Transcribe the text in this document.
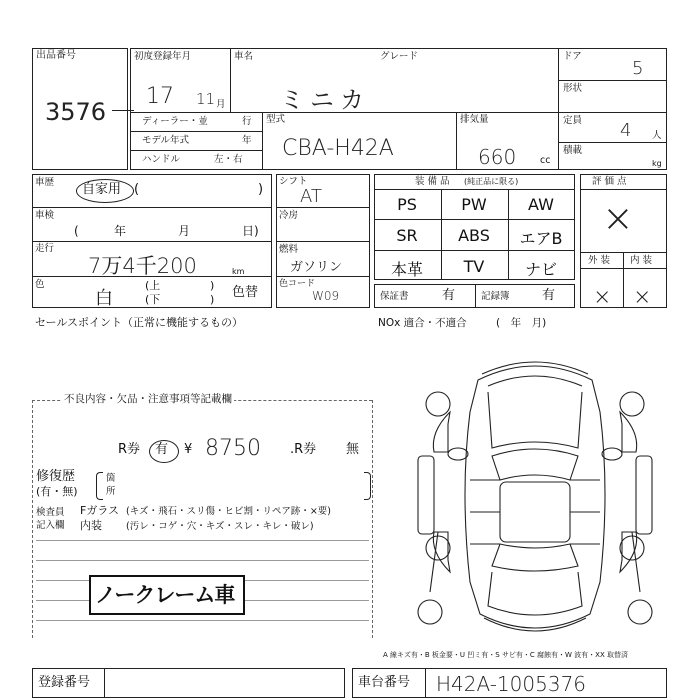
出品番号
3576
初度登録年月
17 11 月
車名
ミニカ
グレード	ドア
5
形状
ディーラー・並	行
モデル年式	年
ハンドル	左・右
型式
CBA-H42A
排気量
660	cc
定員 4 人
積載
kg
車歴 自家用 (	)
車検
(	年	月	日)
走行
7万4千200	km
色
白
(上	)
(下	) 色替
シフト
AT
冷房
燃料
ガソリン
色コード
W09
装 備 品 (純正品に限る)
PS	PW	AW
SR	ABS	エアB
本革	TV	ナビ
保証書	有	記録簿 有
評 価 点
×
外 装 内 装
× ×
セールスポイント（正常に機能するもの）	NOx 適合・不適合	(　年　月)
不良内容・欠品・注意事項等記載欄
R券 有 ¥ 8750 .R券 無
修復歴
(有・無)
箇
所
検査員
記入欄
Fガラス (キズ・飛石・スリ傷・ヒビ割・リペア跡・×要)
内装	(汚レ・コゲ・穴・キズ・スレ・キレ・破レ)
ノークレーム車
A 線キズ有・B 板金要・U 凹ミ有・S サビ有・C 腐蝕有・W 波有・XX 取替済
登録番号	車台番号 H42A-1005376
